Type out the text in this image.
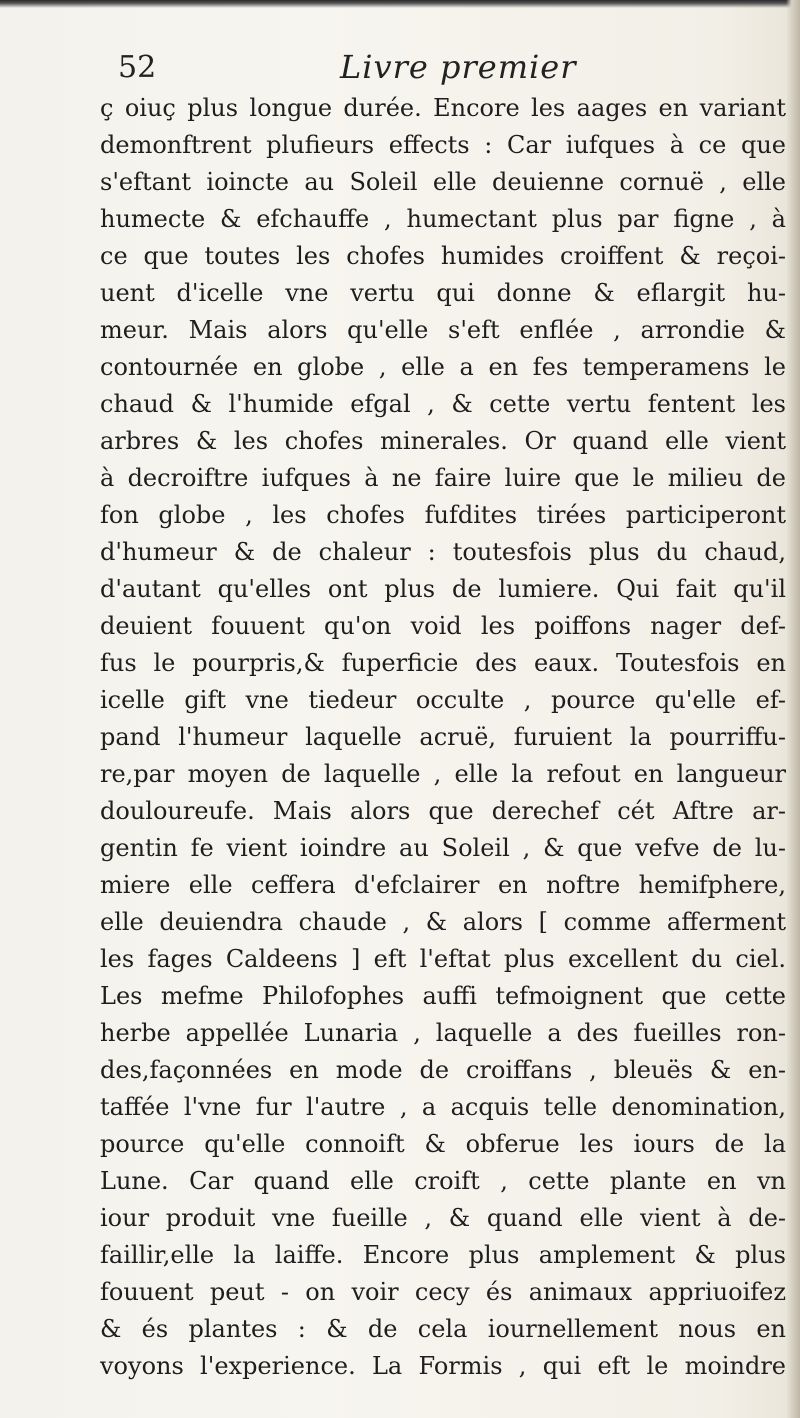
52	Livre premier
ç oiuç plus longue durée. Encore les aages en variant
demonftrent plufieurs effects : Car iufques à ce que
s'eftant ioincte au Soleil elle deuienne cornuë , elle
humecte & efchauffe , humectant plus par figne , à
ce que toutes les chofes humides croiffent & reçoi-
uent d'icelle vne vertu qui donne & eflargit hu-
meur. Mais alors qu'elle s'eft enflée , arrondie &
contournée en globe , elle a en fes temperamens le
chaud & l'humide efgal , & cette vertu fentent les
arbres & les chofes minerales. Or quand elle vient
à decroiftre iufques à ne faire luire que le milieu de
fon globe , les chofes fufdites tirées participeront
d'humeur & de chaleur : toutesfois plus du chaud,
d'autant qu'elles ont plus de lumiere. Qui fait qu'il
deuient fouuent qu'on void les poiffons nager def-
fus le pourpris,& fuperficie des eaux. Toutesfois en
icelle gift vne tiedeur occulte , pource qu'elle ef-
pand l'humeur laquelle acruë, furuient la pourriffu-
re,par moyen de laquelle , elle la refout en langueur
douloureufe. Mais alors que derechef cét Aftre ar-
gentin fe vient ioindre au Soleil , & que vefve de lu-
miere elle ceffera d'efclairer en noftre hemifphere,
elle deuiendra chaude , & alors [ comme afferment
les fages Caldeens ] eft l'eftat plus excellent du ciel.
Les mefme Philofophes auffi tefmoignent que cette
herbe appellée Lunaria , laquelle a des fueilles ron-
des,façonnées en mode de croiffans , bleuës & en-
taffée l'vne fur l'autre , a acquis telle denomination,
pource qu'elle connoift & obferue les iours de la
Lune. Car quand elle croift , cette plante en vn
iour produit vne fueille , & quand elle vient à de-
faillir,elle la laiffe. Encore plus amplement & plus
fouuent peut - on voir cecy és animaux appriuoifez
& és plantes : & de cela iournellement nous en
voyons l'experience. La Formis , qui eft le moindre
